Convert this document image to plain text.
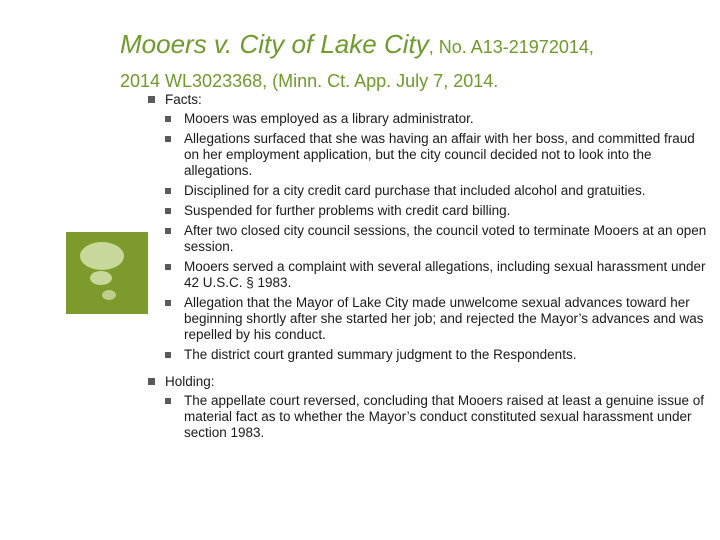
Mooers v. City of Lake City, No. A13-21972014,
2014 WL3023368, (Minn. Ct. App. July 7, 2014.
Facts:
Mooers was employed as a library administrator.
Allegations surfaced that she was having an affair with her boss, and committed fraud on her employment application, but the city council decided not to look into the allegations.
Disciplined for a city credit card purchase that included alcohol and gratuities.
Suspended for further problems with credit card billing.
After two closed city council sessions, the council voted to terminate Mooers at an open session.
Mooers served a complaint with several allegations, including sexual harassment under 42 U.S.C. § 1983.
Allegation that the Mayor of Lake City made unwelcome sexual advances toward her beginning shortly after she started her job; and rejected the Mayor’s advances and was repelled by his conduct.
The district court granted summary judgment to the Respondents.
Holding:
The appellate court reversed, concluding that Mooers raised at least a genuine issue of material fact as to whether the Mayor’s conduct constituted sexual harassment under section 1983.
